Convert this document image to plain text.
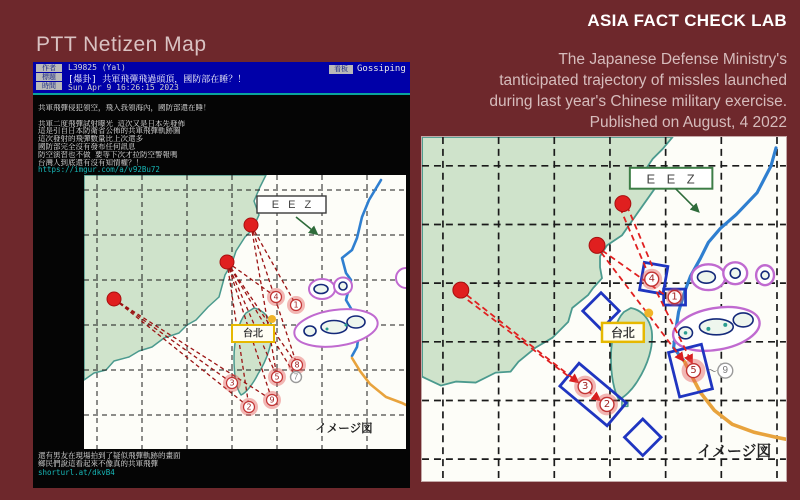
PTT Netizen Map
作者
標題
時間
L39825 (Yal)
[爆卦] 共軍飛彈飛過頭頂，國防部在睡？！
Sun Apr 9 16:26:15 2023
看板	Gossiping
共軍飛彈侵犯領空，飛入我領海內，國防部還在睡！
共軍二度飛彈試射曝光 這次又是日本先發佈
這是引自日本防衛省公佈的共軍飛彈軌跡圖
這次發射的飛彈數量比上次還多
國防部完全沒有發布任何訊息
防空演習也不做 要等下次才拉防空警報嗎
台灣人到底還有沒有知情權？！
https://imgur.com/a/v92Bu72
E E Z
台北
4
1
8
5 7
3
9
2
イメージ図
還有男友在現場拍到了疑似飛彈軌跡的畫面
鄉民們說這看起來不像真的共軍飛彈
shorturl.at/dkvB4
ASIA FACT CHECK LAB
The Japanese Defense Ministry's
tanticipated trajectory of missles launched
during last year's Chinese military exercise.
Published on August, 4 2022
E E Z
台北
4
1
5
3
2
〜 9
イメージ図
